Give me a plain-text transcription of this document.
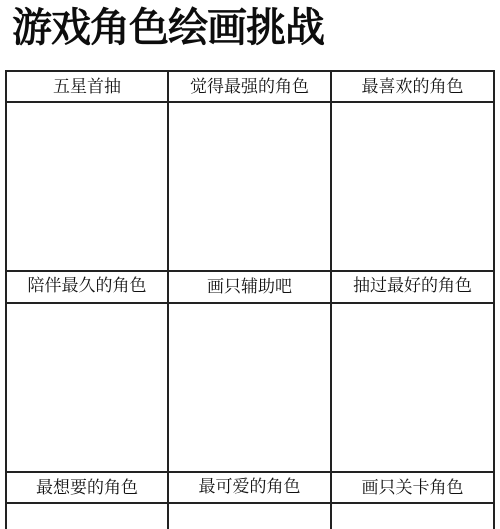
游戏角色绘画挑战
五星首抽	觉得最强的角色	最喜欢的角色
陪伴最久的角色	画只辅助吧	抽过最好的角色
最想要的角色	最可爱的角色	画只关卡角色
